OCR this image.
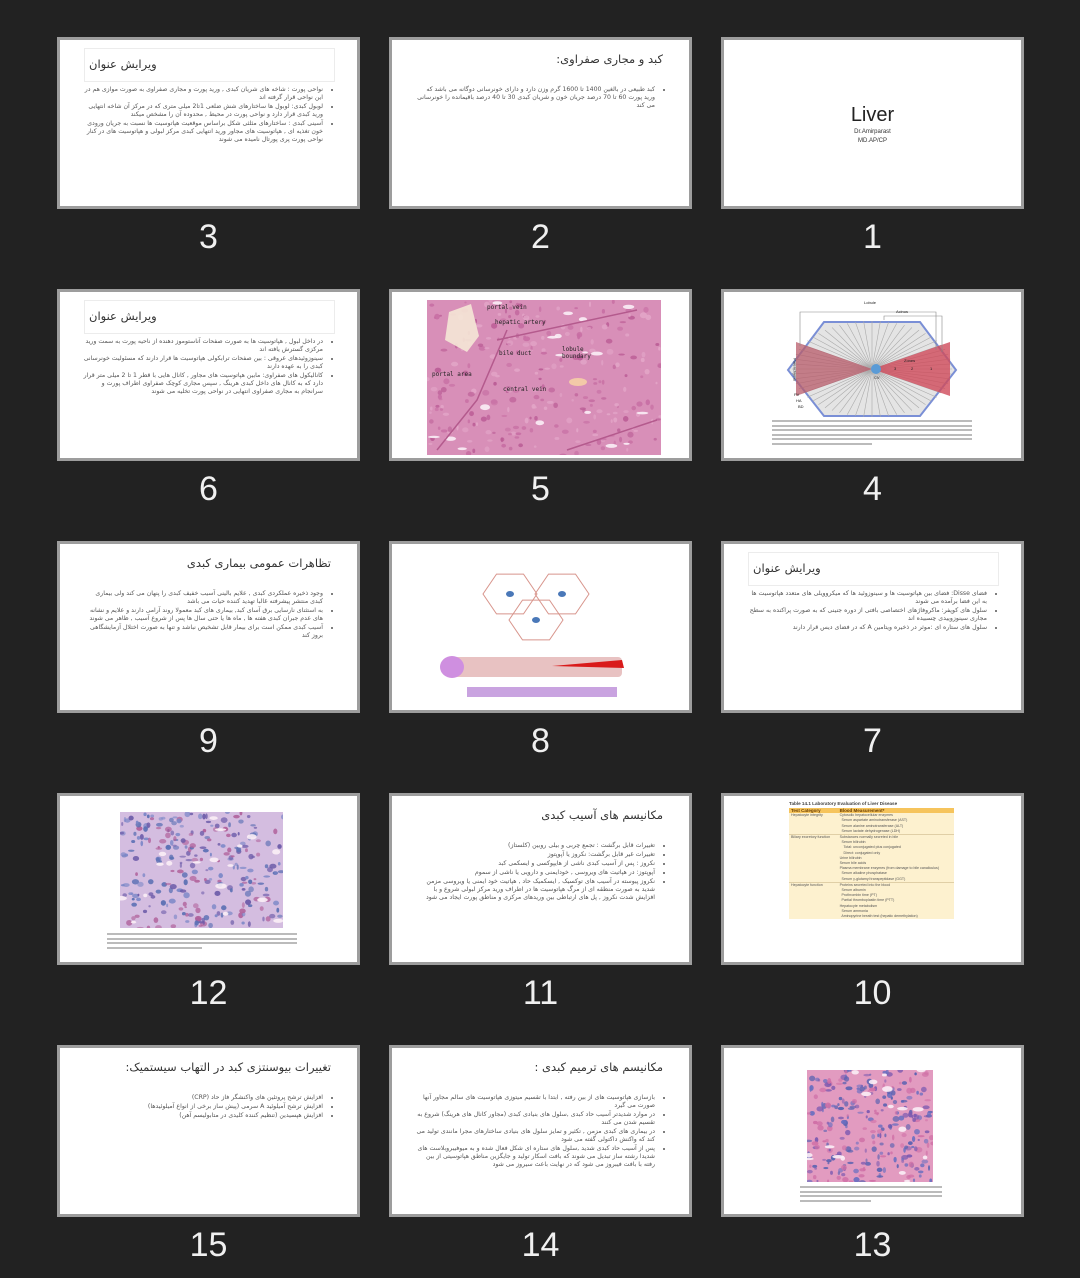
Liver
Dr.Amirparast
MD.AP/CP
1
کبد و مجاری صفراوی:
• کبد طبیعی در بالغین 1400 تا 1600 گرم وزن دارد و دارای خونرسانی دوگانه می باشد که ورید پورت 60 تا 70 درصد جریان خون و شریان کبدی 30 تا 40 درصد باقیمانده را خونرسانی می کند
2
ویرایش عنوان
• نواحی پورت : شاخه های شریان کبدی , ورید پورت و مجاری صفراوی به صورت موازی هم در این نواحی قرار گرفته اند
• لوبول کبدی: لوبول ها ساختارهای شش ضلعی 1تا2 میلی متری که در مرکز آن شاخه انتهایی ورید کبدی قرار دارد و نواحی پورت در محیط , محدوده آن را مشخص میکند
• آسینی کبدی : ساختارهای مثلثی شکل براساس موقعیت هپاتوسیت ها نسبت به جریان ورودی خون تغذیه ای , هپاتوسیت های مجاور ورید انتهایی کبدی مرکز لبولی و هپاتوسیت های در کنار نواحی پورت پری پورتال نامیده می شوند
3
Lobule
Acinus
Zones
3	2	1
CV
Parenchyma
PV
HA
BD
4
portal vein
hepatic artery
bile duct
portal area
lobule boundary
central vein
5
ویرایش عنوان
• در داخل لبول , هپاتوسیت ها به صورت صفحات آناستوموز دهنده از ناحیه پورت به سمت ورید مرکزی گسترش یافته اند
• سینوزوئیدهای عروقی : بین صفحات ترابکولی هپاتوسیت ها قرار دارند که مسئولیت خونرسانی کبدی را به عهده دارند
• کانالیکول های صفراوی: مابین هپاتوسیت های مجاور , کانال هایی با قطر 1 تا 2 میلی متر قرار دارد که به کانال های داخل کبدی هرینگ , سپس مجاری کوچک صفراوی اطراف پورت و سرانجام به مجاری صفراوی انتهایی در نواحی پورت تخلیه می شوند
6
ویرایش عنوان
• فضای Disse: فضای بین هپاتوسیت ها و سینوزوئید ها که میکروویلی های متعدد هپاتوسیت ها به این فضا برآمده می شوند
• سلول های کوپفر: ماکروفاژهای اختصاصی بافتی از دوره جنینی که به صورت پراکنده به سطح مجاری سینوزوییدی چسبیده اند
• سلول های ستاره ای :موثر در ذخیره ویتامین A که در فضای دیس قرار دارند
7
8
تظاهرات عمومی بیماری کبدی
• وجود ذخیره عملکردی کبدی , علایم بالینی آسیب خفیف کبدی را پنهان می کند ولی بیماری کبدی منتشر پیشرفته غالبا تهدید کننده حیات می باشد
• به استثنای نارسایی برق آسای کبد, بیماری های کبد معمولا روند آرامی دارند و علایم و نشانه های عدم جبران کبدی هفته ها , ماه ها یا حتی سال ها پس از شروع آسیب , ظاهر می شوند
• آسیب کبدی ممکن است برای بیمار قابل تشخیص نباشد و تنها به صورت اختلال آزمایشگاهی بروز کند
9
Table 14.1 Laboratory Evaluation of Liver Disease
Test Category	Blood Measurement*
Hepatocyte integrity	Cytosolic hepatocellular enzymes
	Serum aspartate aminotransferase (AST)
	Serum alanine aminotransferase (ALT)
	Serum lactate dehydrogenase (LDH)
Biliary excretory function	Substances normally secreted in bile
	Serum bilirubin
	Total: unconjugated plus conjugated
	Direct: conjugated only
	Urine bilirubin
	Serum bile acids
	Plasma membrane enzymes (from damage to bile canaliculus)
	Serum alkaline phosphatase
	Serum γ-glutamyl transpeptidase (GGT)
Hepatocyte function	Proteins secreted into the blood
	Serum albumin
	Prothrombin time (PT)
	Partial thromboplastin time (PTT)
	Hepatocyte metabolism
	Serum ammonia
	Aminopyrine breath test (hepatic demethylation)
10
مکانیسم های آسیب کبدی
• تغییرات قابل برگشت : تجمع چربی و بیلی روبین (کلستاز)
• تغییرات غیر قابل برگشت: نکروز یا آپوپتوز
• نکروز : پس از آسیب کبدی ناشی از هایپوکسی و ایسکمی کبد
• آپوپتوز: در هپاتیت های ویروسی , خودایمنی و دارویی یا ناشی از سموم
• نکروز پیوسته در آسیب های توکسیک , ایسکمیک حاد , هپاتیت خود ایمنی یا ویروسی مزمن شدید به صورت منطقه ای از مرگ هپاتوسیت ها در اطراف ورید مرکز لبولی شروع و با افزایش شدت نکروز , پل های ارتباطی بین وریدهای مرکزی و مناطق پورت ایجاد می شود
11
12
13
مکانیسم های ترمیم کبدی :
• بازسازی هپاتوسیت های از بین رفته , ابتدا با تقسیم میتوزی هپاتوسیت های سالم مجاور آنها صورت می گیرد
• در موارد شدیدتر آسیب حاد کبدی ,سلول های بنیادی کبدی (مجاور کانال های هرینگ) شروع به تقسیم شدن می کنند
• در بیماری های کبدی مزمن , تکثیر و تمایز سلول های بنیادی ساختارهای مجرا مانندی تولید می کند که واکنش داکتولی گفته می شود
• پس از آسیب حاد کبدی شدید ,سلول های ستاره ای شکل فعال شده و به میوفیبروبلاست های شدیدا رشته ساز تبدیل می شوند که بافت اسکار تولید و جایگزین مناطق هپاتوسیتی از بین رفته با بافت فیبروز می شود که در نهایت باعث سیروز می شود
14
تغییرات بیوسنتزی کبد در التهاب سیستمیک:
• افزایش ترشح پروتئین های واکنشگر فاز حاد (CRP)
• افزایش ترشح آمیلوئید A سرمی (پیش ساز برخی از انواع آمیلوئیدها)
• افزایش هپسیدین (تنظیم کننده کلیدی در متابولیسم آهن)
15
